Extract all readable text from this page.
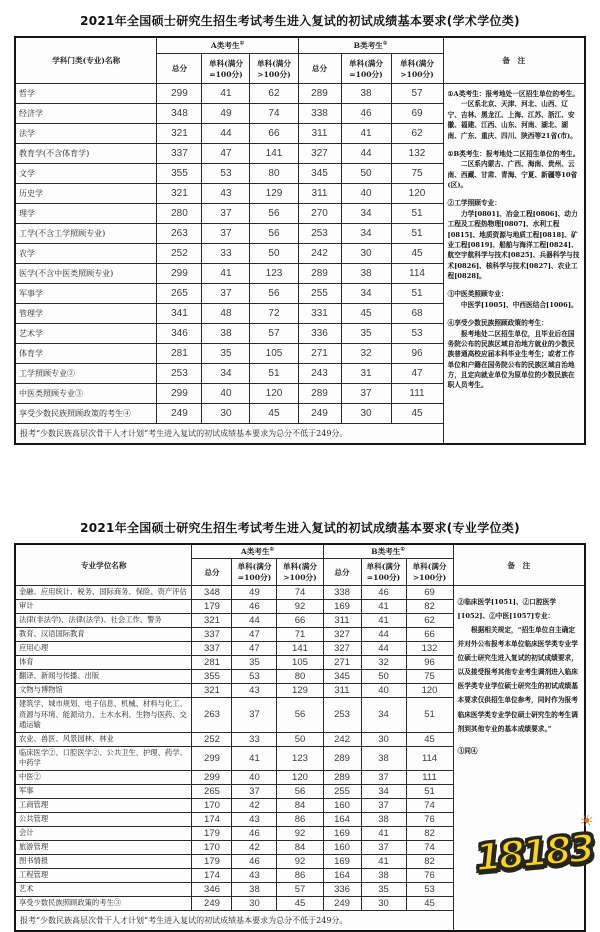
2021年全国硕士研究生招生考试考生进入复试的初试成绩基本要求(学术学位类)
学科门类(专业)名称	A类考生①			B类考生①			备　注
	总分	单科(满分=100分)	单科(满分>100分)	总分	单科(满分=100分)	单科(满分>100分)	
哲学	299	41	62	289	38	57	①A类考生：报考地处一区招生单位的考生。
一区系北京、天津、河北、山西、辽宁、吉林、黑龙江、上海、江苏、浙江、安徽、福建、江西、山东、河南、湖北、湖南、广东、重庆、四川、陕西等21省(市)。
①B类考生：报考地处二区招生单位的考生。
二区系内蒙古、广西、海南、贵州、云南、西藏、甘肃、青海、宁夏、新疆等10省(区)。
②工学照顾专业：
力学[0801]、冶金工程[0806]、动力工程及工程热物理[0807]、水利工程[0815]、地质资源与地质工程[0818]、矿业工程[0819]、船舶与海洋工程[0824]、航空宇航科学与技术[0825]、兵器科学与技术[0826]、核科学与技术[0827]、农业工程[0828]。
③中医类照顾专业：
中医学[1005]、中西医结合[1006]。
④享受少数民族照顾政策的考生：
报考地处二区招生单位，且毕业后在国务院公布的民族区域自治地方就业的少数民族普通高校应届本科毕业生考生；或者工作单位和户籍在国务院公布的民族区域自治地方，且定向就业单位为原单位的少数民族在职人员考生。

经济学	348	49	74	338	46	69	
法学	321	44	66	311	41	62	
教育学(不含体育学)	337	47	141	327	44	132	
文学	355	53	80	345	50	75	
历史学	321	43	129	311	40	120	
理学	280	37	56	270	34	51	
工学(不含工学照顾专业)	263	37	56	253	34	51	
农学	252	33	50	242	30	45	
医学(不含中医类照顾专业)	299	41	123	289	38	114	
军事学	265	37	56	255	34	51	
管理学	341	48	72	331	45	68	
艺术学	346	38	57	336	35	53	
体育学	281	35	105	271	32	96	
工学照顾专业②	253	34	51	243	31	47	
中医类照顾专业③	299	40	120	289	37	111	
享受少数民族照顾政策的考生④	249	30	45	249	30	45	
报考“少数民族高层次骨干人才计划”考生进入复试的初试成绩基本要求为总分不低于249分。							
2021年全国硕士研究生招生考试考生进入复试的初试成绩基本要求(专业学位类)
专业学位名称	A类考生①			B类考生①			备　注
	总分	单科(满分=100分)	单科(满分>100分)	总分	单科(满分=100分)	单科(满分>100分)	
金融、应用统计、税务、国际商务、保险、资产评估	348	49	74	338	46	69	②临床医学[1051]、②口腔医学[1052]、②中医[1057]专业：
根据相关规定，“招生单位自主确定并对外公布报考本单位临床医学类专业学位硕士研究生进入复试的初试成绩要求，以及接受报考其他专业考生调剂进入临床医学类专业学位硕士研究生的初试成绩基本要求仅供招生单位参考，同时作为报考临床医学类专业学位硕士研究生的考生调剂到其他专业的基本成绩要求。”
③同④

审计	179	46	92	169	41	82	
法律(非法学)、法律(法学)、社会工作、警务	321	44	66	311	41	62	
教育、汉语国际教育	337	47	71	327	44	66	
应用心理	337	47	141	327	44	132	
体育	281	35	105	271	32	96	
翻译、新闻与传播、出版	355	53	80	345	50	75	
文物与博物馆	321	43	129	311	40	120	
建筑学、城市规划、电子信息、机械、材料与化工、资源与环境、能源动力、土木水利、生物与医药、交通运输	263	37	56	253	34	51	
农业、兽医、风景园林、林业	252	33	50	242	30	45	
临床医学②、口腔医学②、公共卫生、护理、药学、中药学	299	41	123	289	38	114	
中医②	299	40	120	289	37	111	
军事	265	37	56	255	34	51	
工商管理	170	42	84	160	37	74	
公共管理	174	43	86	164	38	76	
会计	179	46	92	169	41	82	
旅游管理	170	42	84	160	37	74	
图书情报	179	46	92	169	41	82	
工程管理	174	43	86	164	38	76	
艺术	346	38	57	336	35	53	
享受少数民族照顾政策的考生③	249	30	45	249	30	45	
报考“少数民族高层次骨干人才计划”考生进入复试的初试成绩基本要求为总分不低于249分。							
☀
18183
